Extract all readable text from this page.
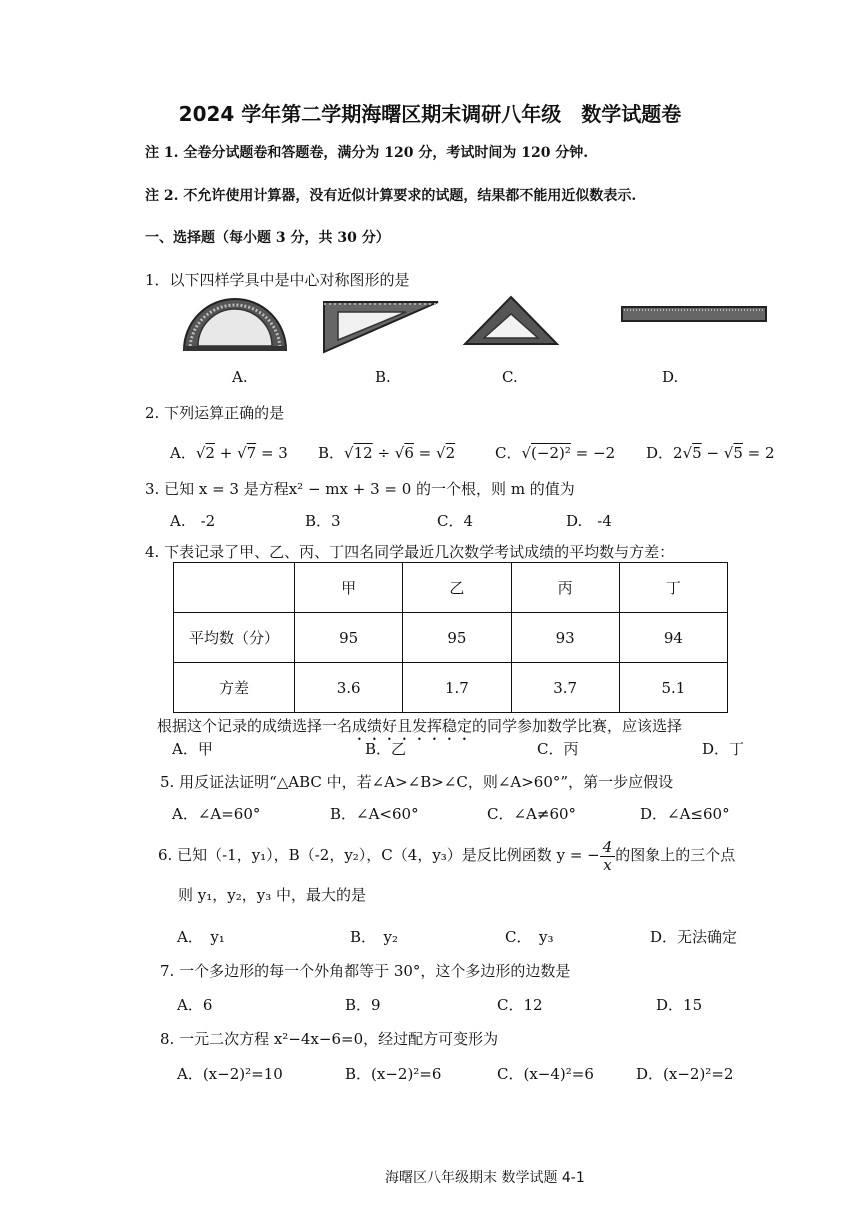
2024 学年第二学期海曙区期末调研八年级　数学试题卷
注 1. 全卷分试题卷和答题卷，满分为 120 分，考试时间为 120 分钟.
注 2. 不允许使用计算器，没有近似计算要求的试题，结果都不能用近似数表示.
一、选择题（每小题 3 分，共 30 分）
1．以下四样学具中是中心对称图形的是
A.	B.	C.	D.
2. 下列运算正确的是
A．√2 + √7 = 3 B．√12 ÷ √6 = √2	C．√(−2)² = −2 D．2√5 − √5 = 2
3. 已知 x = 3 是方程x² − mx + 3 = 0 的一个根，则 m 的值为
A.　-2	B．3	C．4	D.　-4
4. 下表记录了甲、乙、丙、丁四名同学最近几次数学考试成绩的平均数与方差：
	甲	乙	丙	丁
平均数（分）	95	95	93	94
方差	3.6	1.7	3.7	5.1
根据这个记录的成绩选择一名成绩好且发挥稳定的同学参加数学比赛，应该选择
A．甲	B．乙	C．丙	D．丁
5. 用反证法证明“△ABC 中，若∠A>∠B>∠C，则∠A>60°”，第一步应假设
A．∠A=60°	B．∠A<60°	C．∠A≠60°	D．∠A≤60°
6. 已知（-1，y₁），B（-2，y₂），C（4，y₃）是反比例函数 y = − $\frac{4}{x}$ 的图象上的三个点
则 y₁，y₂，y₃ 中，最大的是
A．　y₁	B．　y₂	C．　y₃	D．无法确定
7. 一个多边形的每一个外角都等于 30°，这个多边形的边数是
A．6	B．9	C．12	D．15
8. 一元二次方程 x²−4x−6=0，经过配方可变形为
A．(x−2)²=10	B．(x−2)²=6	C．(x−4)²=6	D．(x−2)²=2
海曙区八年级期末 数学试题 4-1
